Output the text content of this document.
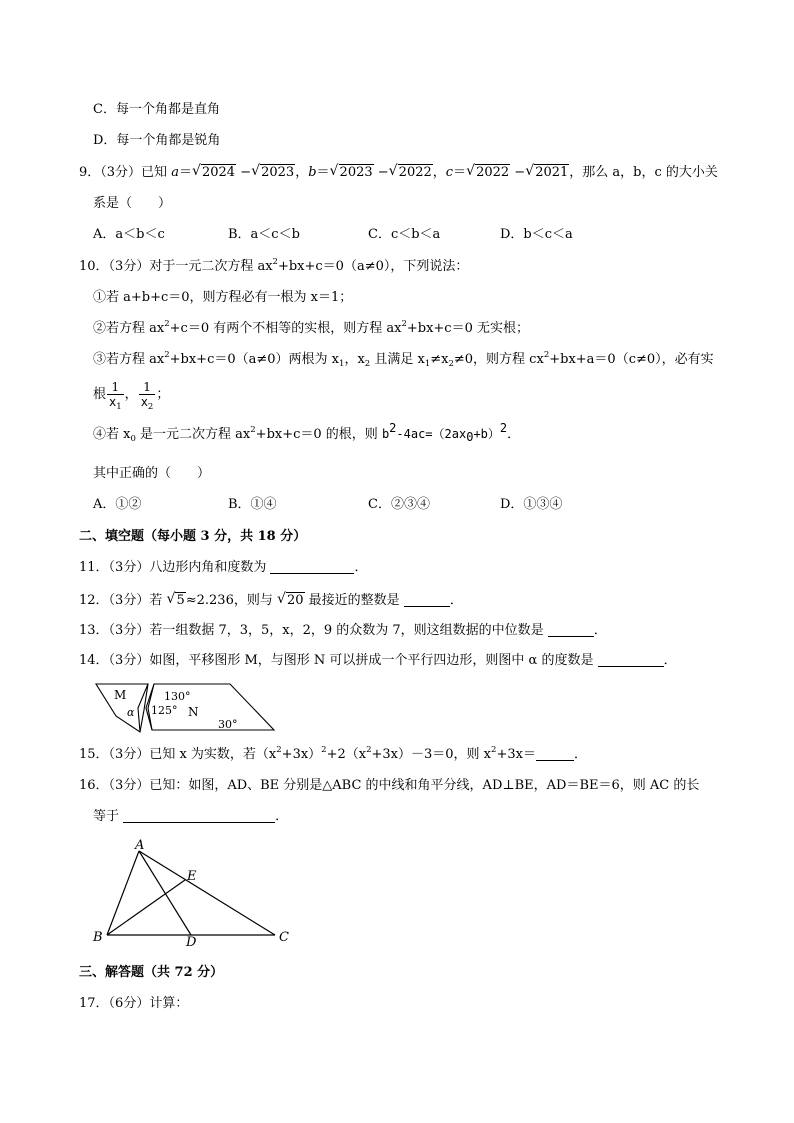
C．每一个角都是直角
D．每一个角都是锐角
9．（3分）已知 a＝ √ 2024 − √ 2023，b＝ √ 2023 − √ 2022，c＝ √ 2022 − √ 2021，那么 a，b，c 的大小关
系是（　　）
A．a＜b＜c	B．a＜c＜b	C．c＜b＜a	D．b＜c＜a
10．（3分）对于一元二次方程 $ax^2+bx+c=0(a\ne 0)$，下列说法：
①若 a+b+c＝0，则方程必有一根为 x＝1；
②若方程 $ax^2+c=0$ 有两个不相等的实根，则方程 $ax^2+bx+c=0$ 无实根；
③若方程 $ax^2+bx+c=0(a\ne 0)$两根为 $x_1$，$x_2$ 且满足 $x_1\ne x_2\ne 0$，则方程 $cx^2+bx+a=0(c\ne 0)$，必有实
根 $\frac{1}{x_1}$ ， $\frac{1}{x_2}$ ；
④若 $x_0$ 是一元二次方程 $ax^2+bx+c=0$ 的根，则 $b^2-4ac=(2ax_0+b)^2$．
其中正确的（　　）
A．①②	B．①④	C．②③④	D．①③④
二、填空题（每小题 3 分，共 18 分）
11．（3分）八边形内角和度数为	．
12．（3分）若 √ 5≈2.236，则与 √ 20 最接近的整数是	．
13．（3分）若一组数据 7，3，5，x，2，9 的众数为 7，则这组数据的中位数是	．
14．（3分）如图，平移图形 M，与图形 N 可以拼成一个平行四边形，则图中 α 的度数是	．
M
α
130°
125° N
30°
15．（3分）已知 x 为实数，若$(x^2+3x)^2+2(x^2+3x)-3=0$，则 $x^2+3x=$	．
16．（3分）已知：如图，AD、BE 分别是△ABC 的中线和角平分线，AD⊥BE，AD＝BE＝6，则 AC 的长
等于	．
A
E
B	D	C
三、解答题（共 72 分）
17．（6分）计算：
